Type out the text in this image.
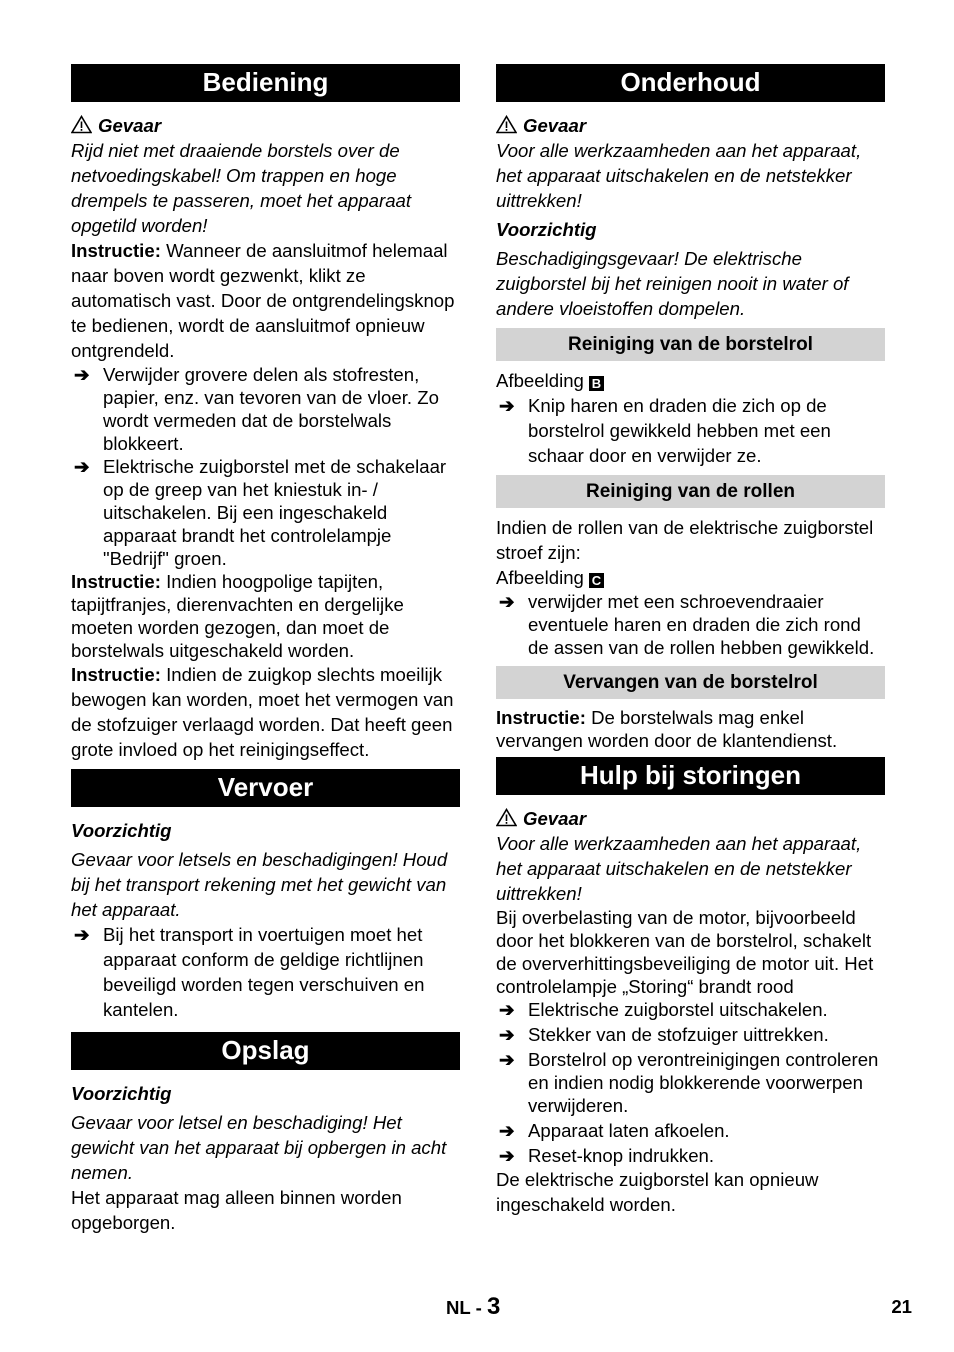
Bediening
Gevaar

Rijd niet met draaiende borstels over de netvoedingskabel! Om trappen en hoge drempels te passeren, moet het apparaat opgetild worden!

Instructie: Wanneer de aansluitmof helemaal naar boven wordt gezwenkt, klikt ze automatisch vast. Door de ontgrendelingsknop te bedienen, wordt de aansluitmof opnieuw ontgrendeld.

➔ Verwijder grovere delen als stofresten, papier, enz. van tevoren van de vloer. Zo wordt vermeden dat de borstelwals blokkeert.
➔ Elektrische zuigborstel met de schakelaar op de greep van het kniestuk in- / uitschakelen. Bij een ingeschakeld apparaat brandt het controlelampje "Bedrijf" groen.

Instructie: Indien hoogpolige tapijten, tapijtfranjes, dierenvachten en dergelijke moeten worden gezogen, dan moet de borstelwals uitgeschakeld worden.

Instructie: Indien de zuigkop slechts moeilijk bewogen kan worden, moet het vermogen van de stofzuiger verlaagd worden. Dat heeft geen grote invloed op het reinigingseffect.

Vervoer
Voorzichtig

Gevaar voor letsels en beschadigingen! Houd bij het transport rekening met het gewicht van het apparaat.

➔ Bij het transport in voertuigen moet het apparaat conform de geldige richtlijnen beveiligd worden tegen verschuiven en kantelen.
Opslag
Voorzichtig

Gevaar voor letsel en beschadiging! Het gewicht van het apparaat bij opbergen in acht nemen.

Het apparaat mag alleen binnen worden opgeborgen.

Onderhoud
Gevaar

Voor alle werkzaamheden aan het apparaat, het apparaat uitschakelen en de netstekker uittrekken!

Voorzichtig

Beschadigingsgevaar! De elektrische zuigborstel bij het reinigen nooit in water of andere vloeistoffen dompelen.

Reiniging van de borstelrol

Afbeelding B

➔ Knip haren en draden die zich op de borstelrol gewikkeld hebben met een schaar door en verwijder ze.
Reiniging van de rollen

Indien de rollen van de elektrische zuigborstel stroef zijn:

Afbeelding C

➔ verwijder met een schroevendraaier eventuele haren en draden die zich rond de assen van de rollen hebben gewikkeld.
Vervangen van de borstelrol

Instructie: De borstelwals mag enkel vervangen worden door de klantendienst.

Hulp bij storingen
Gevaar

Voor alle werkzaamheden aan het apparaat, het apparaat uitschakelen en de netstekker uittrekken!

Bij overbelasting van de motor, bijvoorbeeld door het blokkeren van de borstelrol, schakelt de oververhittingsbeveiliging de motor uit. Het controlelampje „Storing“ brandt rood

➔ Elektrische zuigborstel uitschakelen.
➔ Stekker van de stofzuiger uittrekken.
➔ Borstelrol op verontreinigingen controleren en indien nodig blokkerende voorwerpen verwijderen.
➔ Apparaat laten afkoelen.
➔ Reset-knop indrukken.

De elektrische zuigborstel kan opnieuw ingeschakeld worden.

NL - 3	21
